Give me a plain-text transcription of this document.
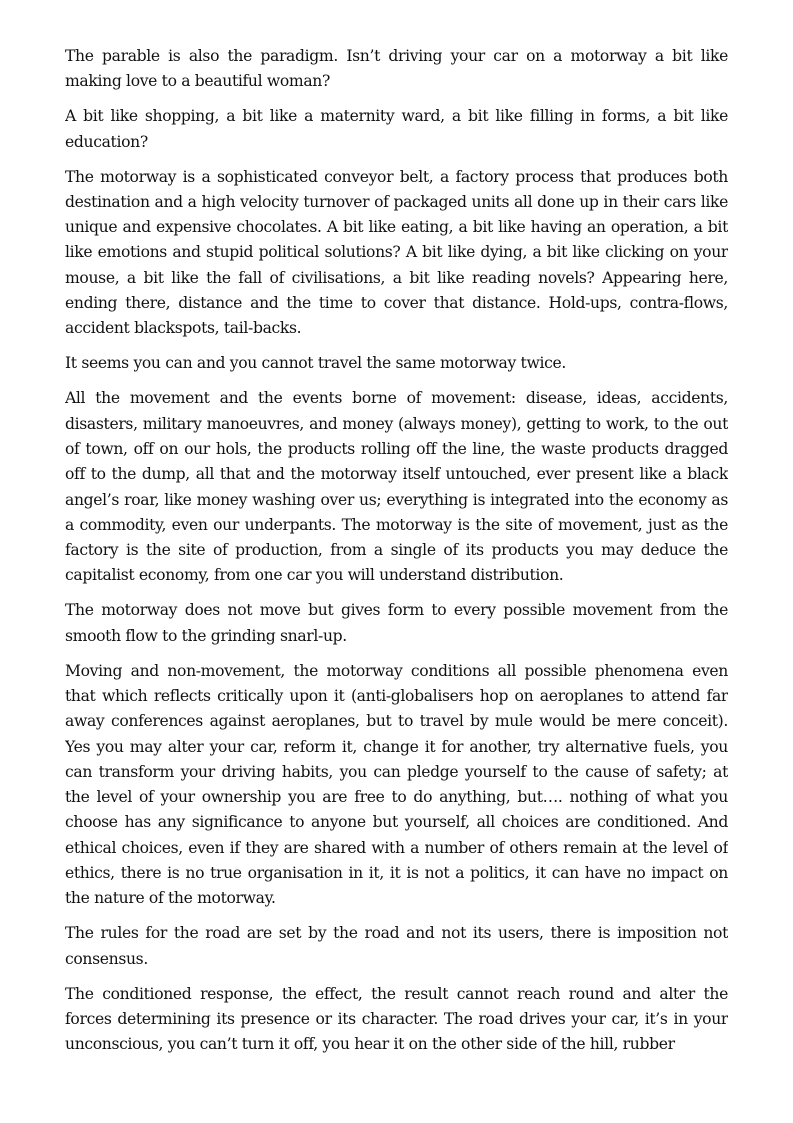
The parable is also the paradigm. Isn’t driving your car on a motorway a bit like making love to a beautiful woman?

A bit like shopping, a bit like a maternity ward, a bit like filling in forms, a bit like education?

The motorway is a sophisticated conveyor belt, a factory process that produces both destination and a high velocity turnover of packaged units all done up in their cars like unique and expensive chocolates. A bit like eating, a bit like having an operation, a bit like emotions and stupid political solutions? A bit like dying, a bit like clicking on your mouse, a bit like the fall of civilisations, a bit like reading novels? Appearing here, ending there, distance and the time to cover that distance. Hold-ups, contra-flows, accident blackspots, tail-backs.

It seems you can and you cannot travel the same motorway twice.

All the movement and the events borne of movement: disease, ideas, accidents, disasters, military manoeuvres, and money (always money), getting to work, to the out of town, off on our hols, the products rolling off the line, the waste products dragged off to the dump, all that and the motorway itself untouched, ever present like a black angel’s roar, like money washing over us; everything is integrated into the economy as a commodity, even our underpants. The motorway is the site of movement, just as the factory is the site of production, from a single of its products you may deduce the capitalist economy, from one car you will understand distribution.

The motorway does not move but gives form to every possible movement from the smooth flow to the grinding snarl-up.

Moving and non-movement, the motorway conditions all possible phenomena even that which reflects critically upon it (anti-globalisers hop on aeroplanes to attend far away conferences against aeroplanes, but to travel by mule would be mere conceit). Yes you may alter your car, reform it, change it for another, try alternative fuels, you can transform your driving habits, you can pledge yourself to the cause of safety; at the level of your ownership you are free to do anything, but…. nothing of what you choose has any significance to anyone but yourself, all choices are conditioned. And ethical choices, even if they are shared with a number of others remain at the level of ethics, there is no true organisation in it, it is not a politics, it can have no impact on the nature of the motorway.

The rules for the road are set by the road and not its users, there is imposition not consensus.

The conditioned response, the effect, the result cannot reach round and alter the forces determining its presence or its character. The road drives your car, it’s in your unconscious, you can’t turn it off, you hear it on the other side of the hill, rubber
